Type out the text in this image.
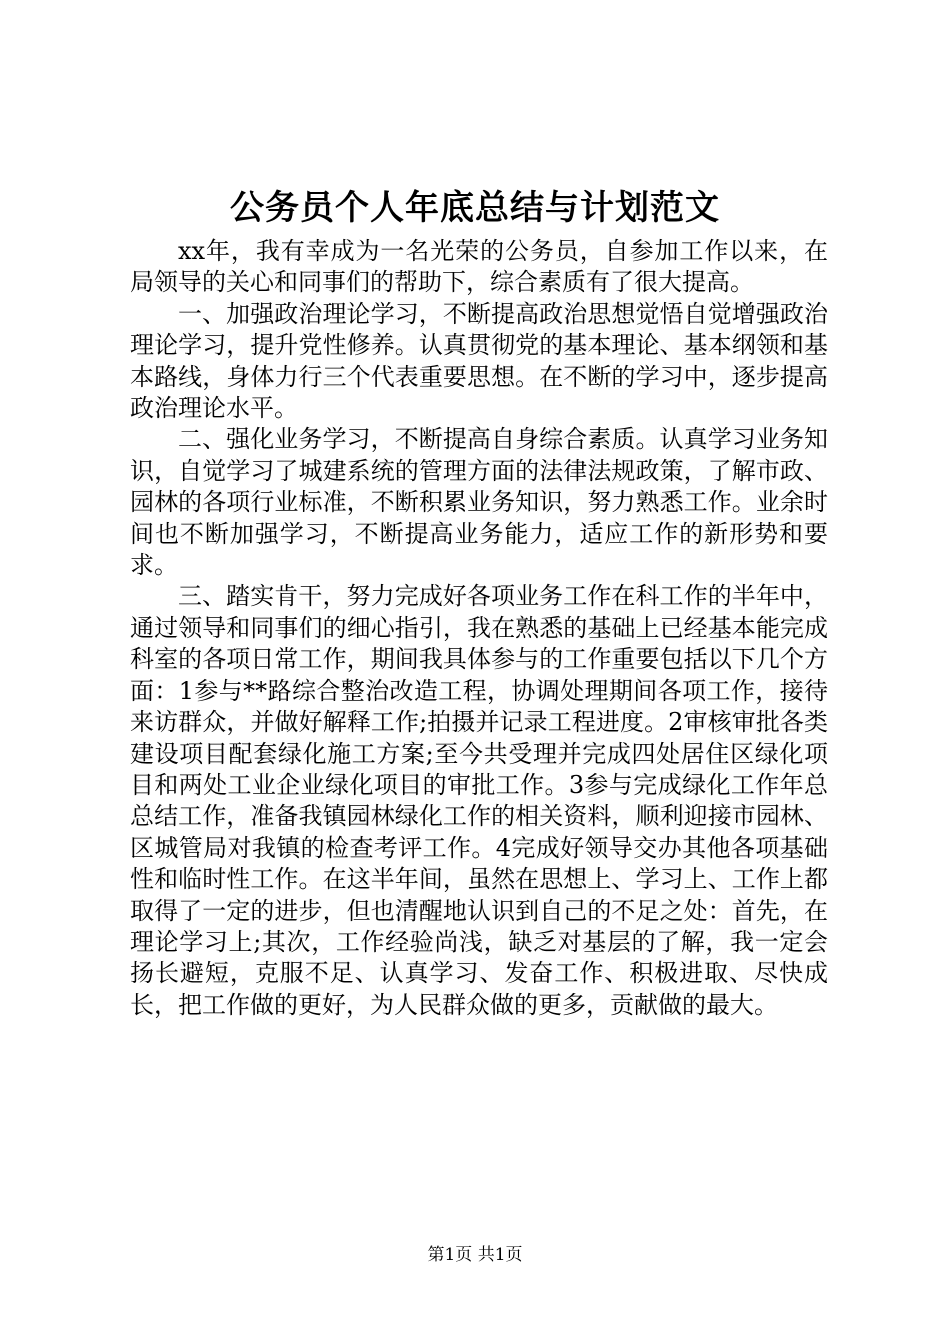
公务员个人年底总结与计划范文

xx年，我有幸成为一名光荣的公务员，自参加工作以来，在局领导的关心和同事们的帮助下，综合素质有了很大提高。

一、加强政治理论学习，不断提高政治思想觉悟自觉增强政治理论学习，提升党性修养。认真贯彻党的基本理论、基本纲领和基本路线，身体力行三个代表重要思想。在不断的学习中，逐步提高政治理论水平。

二、强化业务学习，不断提高自身综合素质。认真学习业务知识，自觉学习了城建系统的管理方面的法律法规政策，了解市政、园林的各项行业标准，不断积累业务知识，努力熟悉工作。业余时间也不断加强学习，不断提高业务能力，适应工作的新形势和要求。

三、踏实肯干，努力完成好各项业务工作在科工作的半年中，通过领导和同事们的细心指引，我在熟悉的基础上已经基本能完成科室的各项日常工作，期间我具体参与的工作重要包括以下几个方面：1参与**路综合整治改造工程，协调处理期间各项工作，接待来访群众，并做好解释工作;拍摄并记录工程进度。2审核审批各类建设项目配套绿化施工方案;至今共受理并完成四处居住区绿化项目和两处工业企业绿化项目的审批工作。3参与完成绿化工作年总总结工作，准备我镇园林绿化工作的相关资料，顺利迎接市园林、区城管局对我镇的检查考评工作。4完成好领导交办其他各项基础性和临时性工作。在这半年间，虽然在思想上、学习上、工作上都取得了一定的进步，但也清醒地认识到自己的不足之处：首先，在理论学习上;其次，工作经验尚浅，缺乏对基层的了解，我一定会扬长避短，克服不足、认真学习、发奋工作、积极进取、尽快成长，把工作做的更好，为人民群众做的更多，贡献做的最大。

第1页 共1页
